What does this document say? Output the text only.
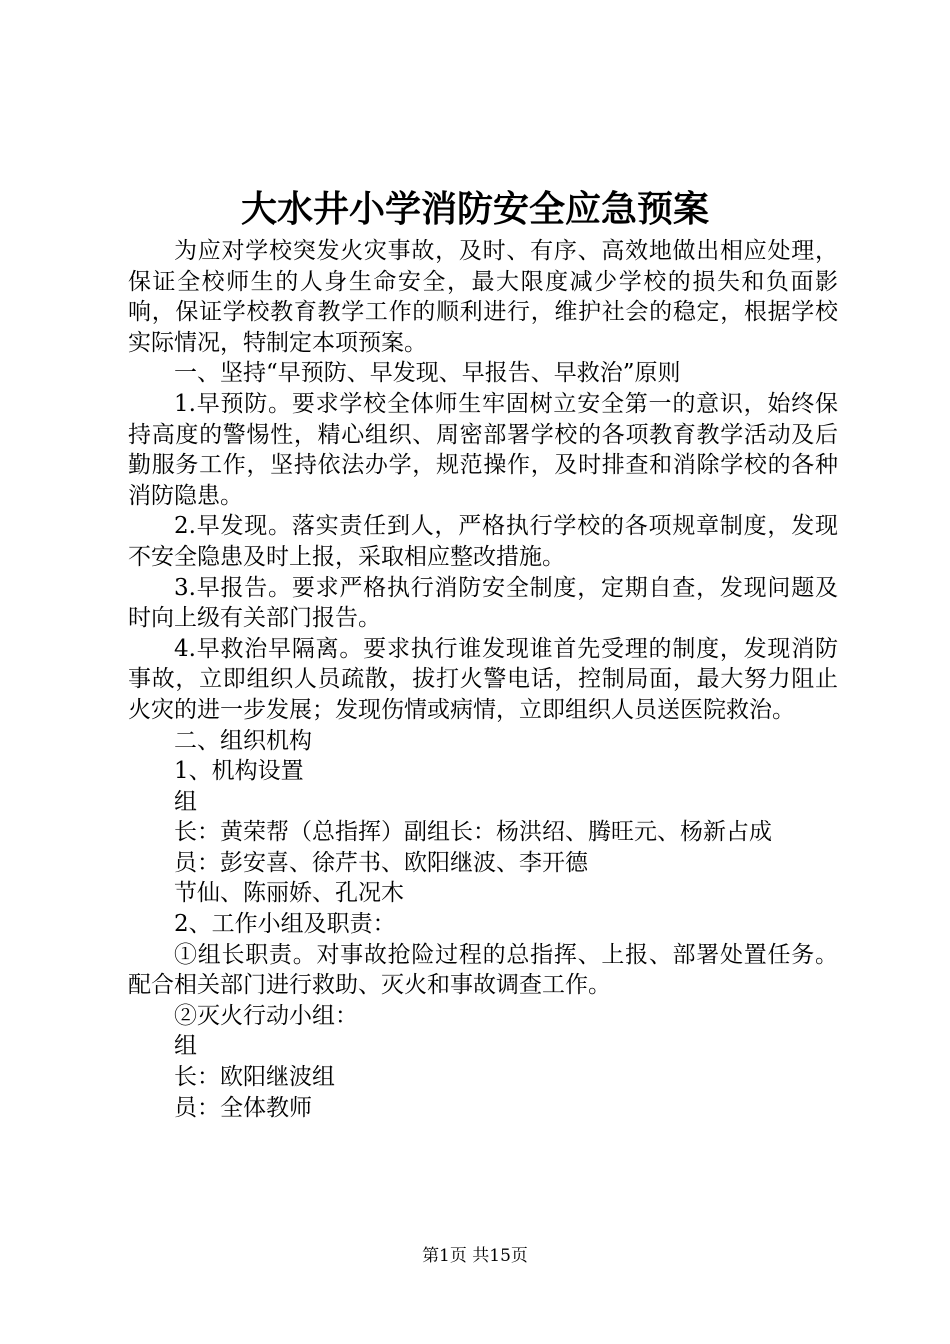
大水井小学消防安全应急预案

为应对学校突发火灾事故，及时、有序、高效地做出相应处理，保证全校师生的人身生命安全，最大限度减少学校的损失和负面影响，保证学校教育教学工作的顺利进行，维护社会的稳定，根据学校实际情况，特制定本项预案。

一、坚持“早预防、早发现、早报告、早救治”原则

1.早预防。要求学校全体师生牢固树立安全第一的意识，始终保持高度的警惕性，精心组织、周密部署学校的各项教育教学活动及后勤服务工作，坚持依法办学，规范操作，及时排查和消除学校的各种消防隐患。

2.早发现。落实责任到人，严格执行学校的各项规章制度，发现不安全隐患及时上报，采取相应整改措施。

3.早报告。要求严格执行消防安全制度，定期自查，发现问题及时向上级有关部门报告。

4.早救治早隔离。要求执行谁发现谁首先受理的制度，发现消防事故，立即组织人员疏散，拔打火警电话，控制局面，最大努力阻止火灾的进一步发展；发现伤情或病情，立即组织人员送医院救治。

二、组织机构

1、机构设置

组

长：黄荣帮（总指挥）副组长：杨洪绍、腾旺元、杨新占成

员：彭安喜、徐芹书、欧阳继波、李开德

节仙、陈丽娇、孔况木

2、工作小组及职责：

①组长职责。对事故抢险过程的总指挥、上报、部署处置任务。配合相关部门进行救助、灭火和事故调查工作。

②灭火行动小组：

组

长：欧阳继波组

员：全体教师

第1页 共15页
